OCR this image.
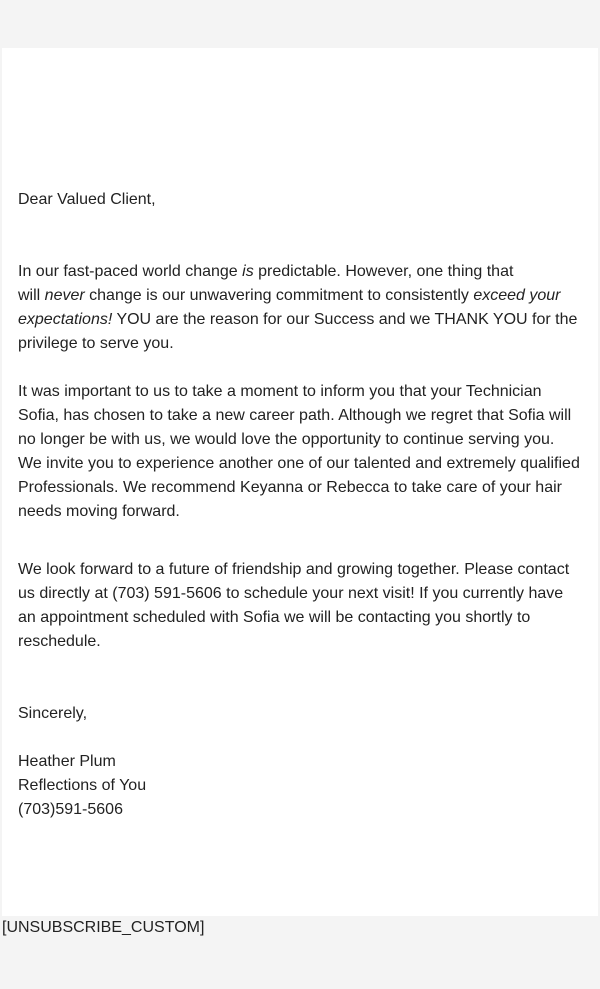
Dear Valued Client,
In our fast-paced world change is predictable. However, one thing that
will never change is our unwavering commitment to consistently exceed your
expectations! YOU are the reason for our Success and we THANK YOU for the
privilege to serve you.
It was important to us to take a moment to inform you that your Technician
Sofia, has chosen to take a new career path. Although we regret that Sofia will
no longer be with us, we would love the opportunity to continue serving you.
We invite you to experience another one of our talented and extremely qualified
Professionals. We recommend Keyanna or Rebecca to take care of your hair
needs moving forward.
We look forward to a future of friendship and growing together. Please contact
us directly at (703) 591-5606 to schedule your next visit! If you currently have
an appointment scheduled with Sofia we will be contacting you shortly to
reschedule.
Sincerely,
Heather Plum
Reflections of You
(703)591-5606
[UNSUBSCRIBE_CUSTOM]
